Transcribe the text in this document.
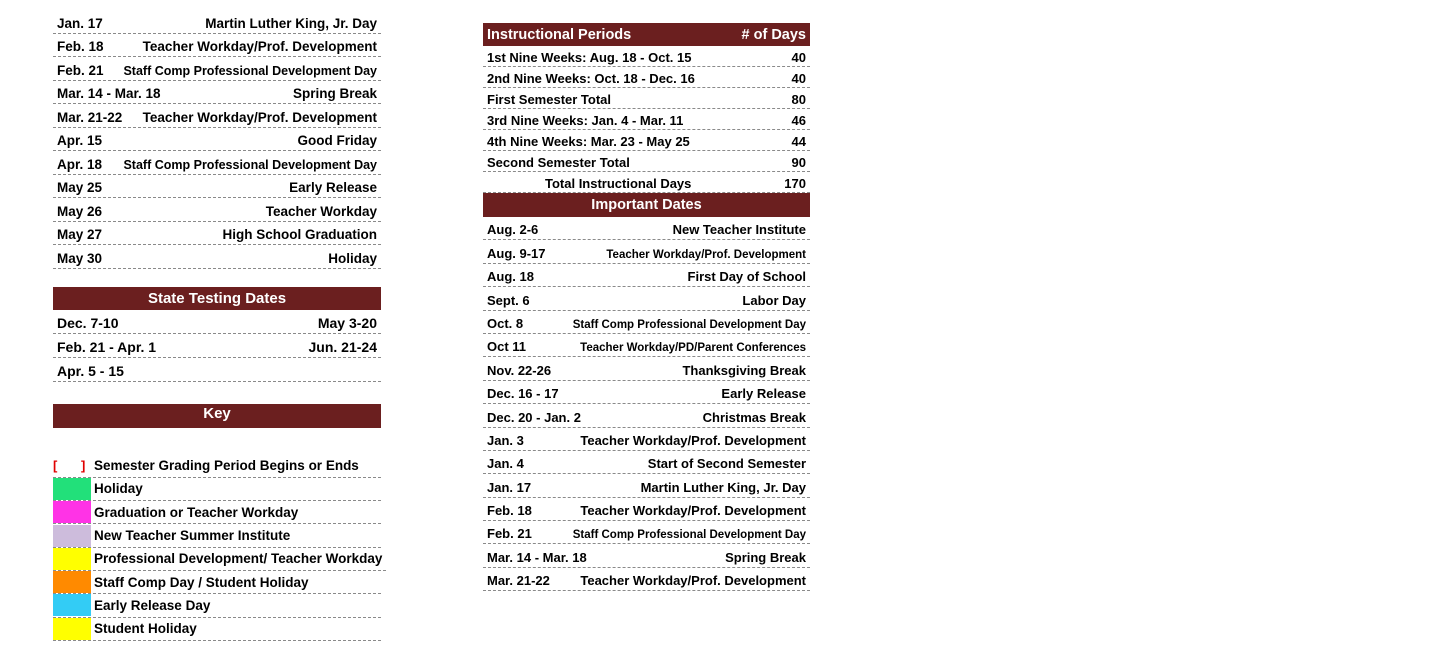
Jan. 17	Martin Luther King, Jr. Day
Feb. 18	Teacher Workday/Prof. Development
Feb. 21 Staff Comp Professional Development Day
Mar. 14 - Mar. 18	Spring Break
Mar. 21-22 Teacher Workday/Prof. Development
Apr. 15	Good Friday
Apr. 18 Staff Comp Professional Development Day
May 25	Early Release
May 26	Teacher Workday
May 27	High School Graduation
May 30	Holiday
State Testing Dates
Dec. 7-10	May 3-20
Feb. 21 - Apr. 1	Jun. 21-24
Apr. 5 - 15
Key
[ ]
Semester Grading Period Begins or Ends
Holiday
Graduation or Teacher Workday
New Teacher Summer Institute
Professional Development/ Teacher Workday
Staff Comp Day / Student Holiday
Early Release Day
Student Holiday
Instructional Periods	# of Days
1st Nine Weeks: Aug. 18 - Oct. 15	40
2nd Nine Weeks: Oct. 18 - Dec. 16	40
First Semester Total	80
3rd Nine Weeks: Jan. 4 - Mar. 11	46
4th Nine Weeks: Mar. 23 - May 25	44
Second Semester Total	90
Total Instructional Days	170
Important Dates
Aug. 2-6	New Teacher Institute
Aug. 9-17	Teacher Workday/Prof. Development
Aug. 18	First Day of School
Sept. 6	Labor Day
Oct. 8	Staff Comp Professional Development Day
Oct 11	Teacher Workday/PD/Parent Conferences
Nov. 22-26	Thanksgiving Break
Dec. 16 - 17	Early Release
Dec. 20 - Jan. 2	Christmas Break
Jan. 3	Teacher Workday/Prof. Development
Jan. 4	Start of Second Semester
Jan. 17	Martin Luther King, Jr. Day
Feb. 18	Teacher Workday/Prof. Development
Feb. 21	Staff Comp Professional Development Day
Mar. 14 - Mar. 18	Spring Break
Mar. 21-22 Teacher Workday/Prof. Development
